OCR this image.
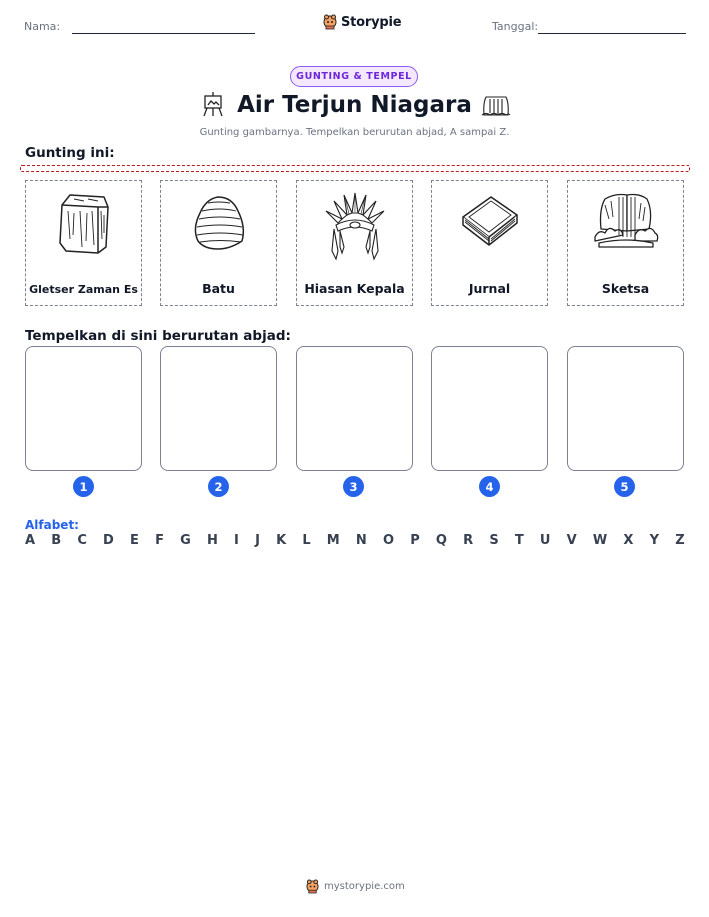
Nama:	Storypie	Tanggal:
GUNTING & TEMPEL
Air Terjun Niagara
Gunting gambarnya. Tempelkan berurutan abjad, A sampai Z.
Gunting ini:
Gletser Zaman Es	Batu	Hiasan Kepala	Jurnal	Sketsa
Tempelkan di sini berurutan abjad:
1	2	3	4	5
Alfabet:
A B C D E F G H I J K L M N O P Q R S T U V W X Y Z
mystorypie.com
